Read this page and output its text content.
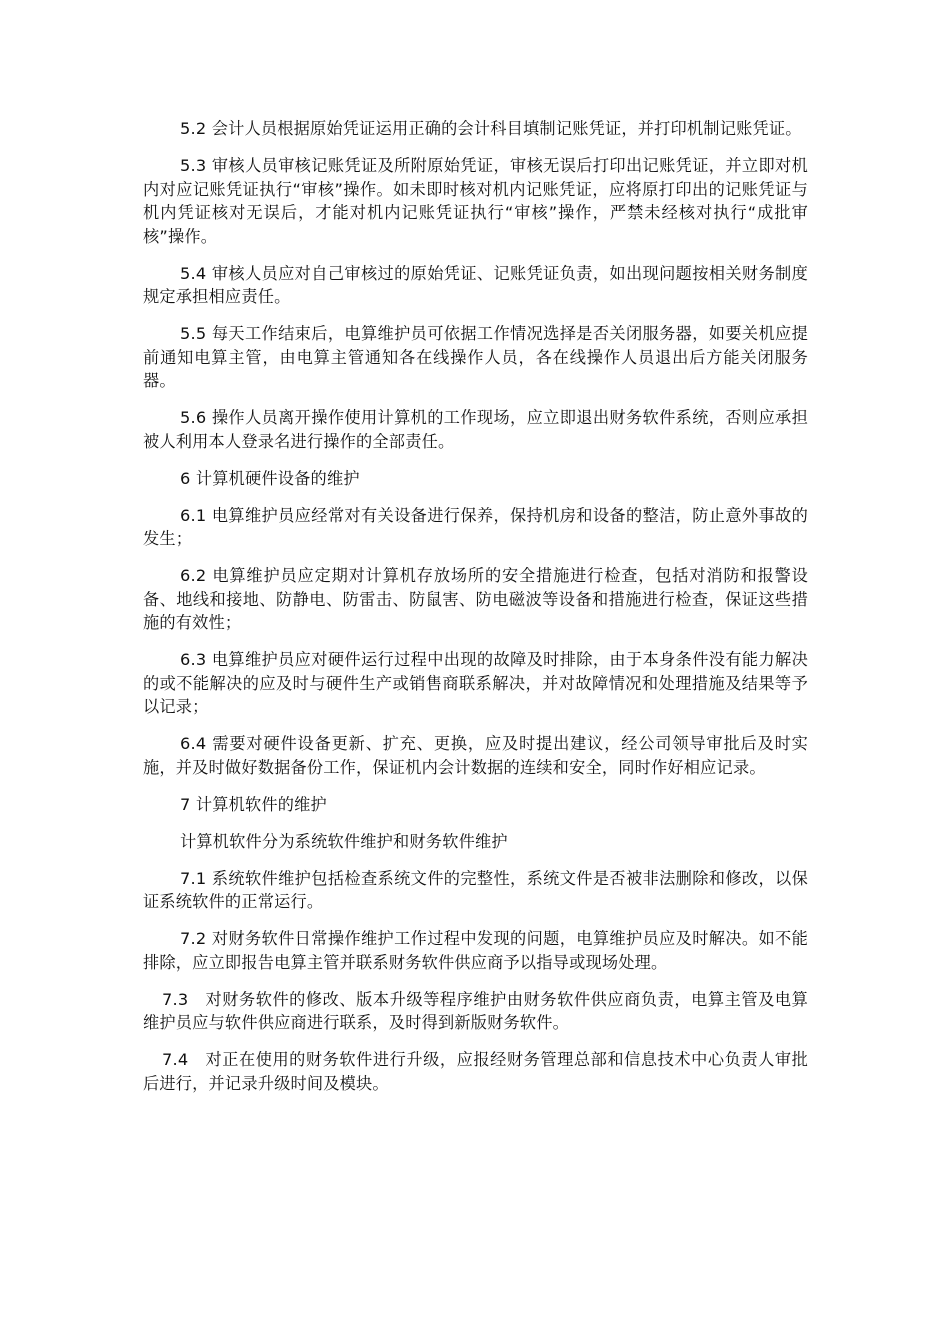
5.2 会计人员根据原始凭证运用正确的会计科目填制记账凭证，并打印机制记账凭证。

5.3 审核人员审核记账凭证及所附原始凭证，审核无误后打印出记账凭证，并立即对机内对应记账凭证执行“审核”操作。如未即时核对机内记账凭证，应将原打印出的记账凭证与机内凭证核对无误后，才能对机内记账凭证执行“审核”操作，严禁未经核对执行“成批审核”操作。

5.4 审核人员应对自己审核过的原始凭证、记账凭证负责，如出现问题按相关财务制度规定承担相应责任。

5.5 每天工作结束后，电算维护员可依据工作情况选择是否关闭服务器，如要关机应提前通知电算主管，由电算主管通知各在线操作人员，各在线操作人员退出后方能关闭服务器。

5.6 操作人员离开操作使用计算机的工作现场，应立即退出财务软件系统，否则应承担被人利用本人登录名进行操作的全部责任。

6 计算机硬件设备的维护

6.1 电算维护员应经常对有关设备进行保养，保持机房和设备的整洁，防止意外事故的发生；

6.2 电算维护员应定期对计算机存放场所的安全措施进行检查，包括对消防和报警设备、地线和接地、防静电、防雷击、防鼠害、防电磁波等设备和措施进行检查，保证这些措施的有效性；

6.3 电算维护员应对硬件运行过程中出现的故障及时排除，由于本身条件没有能力解决的或不能解决的应及时与硬件生产或销售商联系解决，并对故障情况和处理措施及结果等予以记录；

6.4 需要对硬件设备更新、扩充、更换，应及时提出建议，经公司领导审批后及时实施，并及时做好数据备份工作，保证机内会计数据的连续和安全，同时作好相应记录。

7 计算机软件的维护

计算机软件分为系统软件维护和财务软件维护

7.1 系统软件维护包括检查系统文件的完整性，系统文件是否被非法删除和修改，以保证系统软件的正常运行。

7.2 对财务软件日常操作维护工作过程中发现的问题，电算维护员应及时解决。如不能排除，应立即报告电算主管并联系财务软件供应商予以指导或现场处理。

7.3　对财务软件的修改、版本升级等程序维护由财务软件供应商负责，电算主管及电算维护员应与软件供应商进行联系，及时得到新版财务软件。

7.4　对正在使用的财务软件进行升级，应报经财务管理总部和信息技术中心负责人审批后进行，并记录升级时间及模块。
